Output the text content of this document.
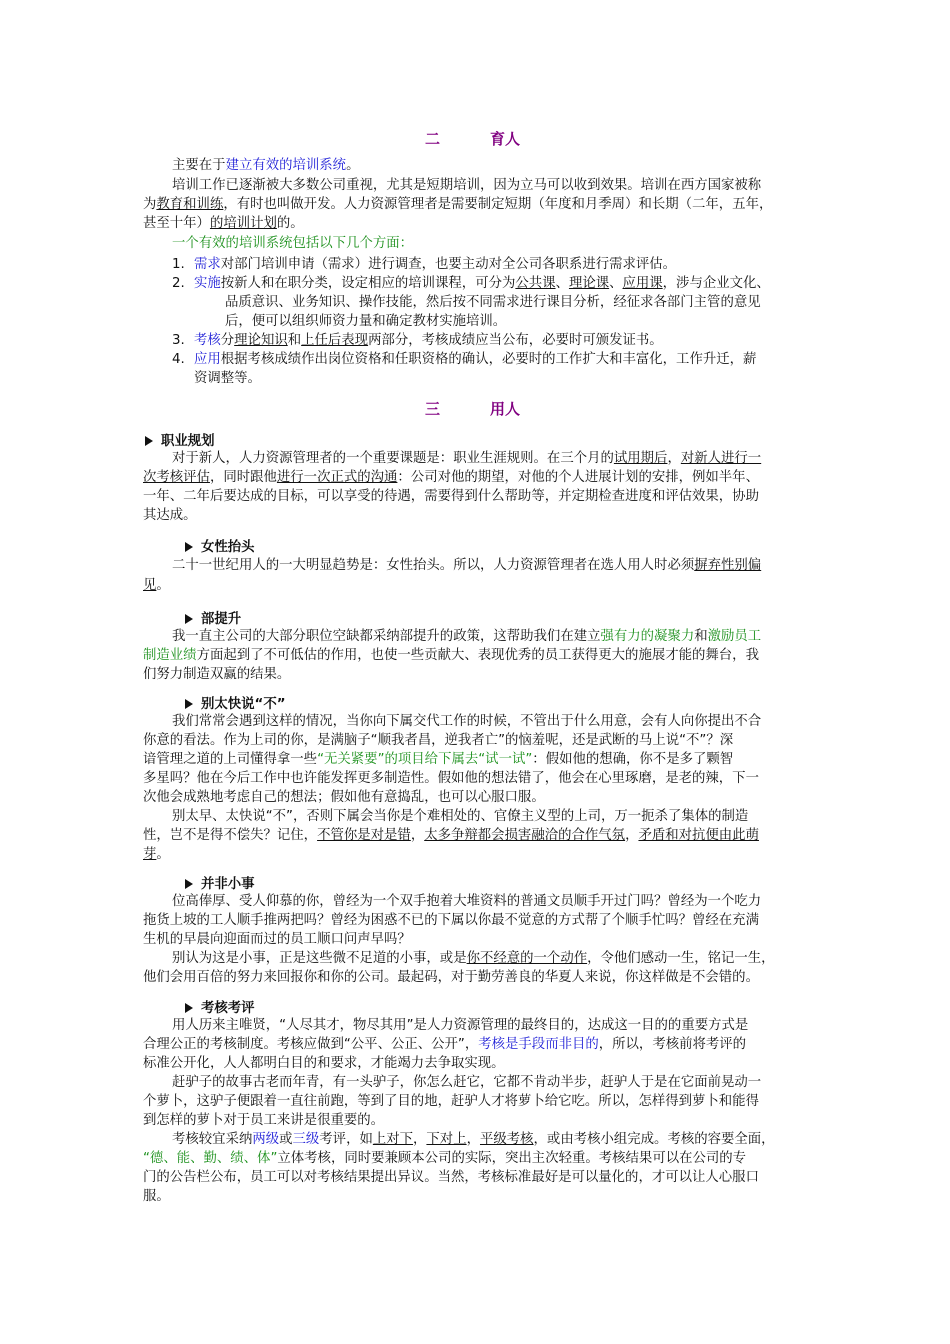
二	育人
主要在于建立有效的培训系统。
培训工作已逐渐被大多数公司重视，尤其是短期培训，因为立马可以收到效果。培训在西方国家被称
为教育和训练，有时也叫做开发。人力资源管理者是需要制定短期（年度和月季周）和长期（二年，五年，
甚至十年）的培训计划的。
一个有效的培训系统包括以下几个方面：
1. 需求对部门培训申请（需求）进行调查，也要主动对全公司各职系进行需求评估。
2. 实施按新人和在职分类，设定相应的培训课程，可分为公共课、理论课、应用课，涉与企业文化、
品质意识、业务知识、操作技能，然后按不同需求进行课目分析，经征求各部门主管的意见
后，便可以组织师资力量和确定教材实施培训。
3. 考核分理论知识和上任后表现两部分，考核成绩应当公布，必要时可颁发证书。
4. 应用根据考核成绩作出岗位资格和任职资格的确认，必要时的工作扩大和丰富化，工作升迁，薪
资调整等。
三	用人
职业规划
对于新人，人力资源管理者的一个重要课题是：职业生涯规则。在三个月的试用期后，对新人进行一
次考核评估，同时跟他进行一次正式的沟通：公司对他的期望，对他的个人进展计划的安排，例如半年、
一年、二年后要达成的目标，可以享受的待遇，需要得到什么帮助等，并定期检查进度和评估效果，协助
其达成。
女性抬头
二十一世纪用人的一大明显趋势是：女性抬头。所以，人力资源管理者在选人用人时必须摒弃性别偏
见。
部提升
我一直主公司的大部分职位空缺都采纳部提升的政策，这帮助我们在建立强有力的凝聚力和激励员工
制造业绩方面起到了不可低估的作用，也使一些贡献大、表现优秀的员工获得更大的施展才能的舞台，我
们努力制造双赢的结果。
别太快说“不”
我们常常会遇到这样的情况，当你向下属交代工作的时候，不管出于什么用意，会有人向你提出不合
你意的看法。作为上司的你，是满脑子“顺我者昌，逆我者亡”的恼羞呢，还是武断的马上说“不”？深
谙管理之道的上司懂得拿一些“无关紧要”的项目给下属去“试一试”：假如他的想确，你不是多了颗智
多星吗？他在今后工作中也许能发挥更多制造性。假如他的想法错了，他会在心里琢磨，是老的辣，下一
次他会成熟地考虑自己的想法；假如他有意捣乱，也可以心服口服。
别太早、太快说“不”，否则下属会当你是个难相处的、官僚主义型的上司，万一扼杀了集体的制造
性，岂不是得不偿失？记住，不管你是对是错，太多争辩都会损害融洽的合作气氛，矛盾和对抗便由此萌
芽。
并非小事
位高俸厚、受人仰慕的你，曾经为一个双手抱着大堆资料的普通文员顺手开过门吗？曾经为一个吃力
拖货上坡的工人顺手推两把吗？曾经为困惑不已的下属以你最不觉意的方式帮了个顺手忙吗？曾经在充满
生机的早晨向迎面而过的员工顺口问声早吗？
别认为这是小事，正是这些微不足道的小事，或是你不经意的一个动作，令他们感动一生，铭记一生，
他们会用百倍的努力来回报你和你的公司。最起码，对于勤劳善良的华夏人来说，你这样做是不会错的。
考核考评
用人历来主唯贤，“人尽其才，物尽其用”是人力资源管理的最终目的，达成这一目的的重要方式是
合理公正的考核制度。考核应做到“公平、公正、公开”，考核是手段而非目的，所以，考核前将考评的
标准公开化，人人都明白目的和要求，才能竭力去争取实现。
赶驴子的故事古老而年青，有一头驴子，你怎么赶它，它都不肯动半步，赶驴人于是在它面前晃动一
个萝卜，这驴子便跟着一直往前跑，等到了目的地，赶驴人才将萝卜给它吃。所以，怎样得到萝卜和能得
到怎样的萝卜对于员工来讲是很重要的。
考核较宜采纳两级或三级考评，如上对下，下对上，平级考核，或由考核小组完成。考核的容要全面，
“德、能、勤、绩、体”立体考核，同时要兼顾本公司的实际，突出主次轻重。考核结果可以在公司的专
门的公告栏公布，员工可以对考核结果提出异议。当然，考核标准最好是可以量化的，才可以让人心服口
服。
